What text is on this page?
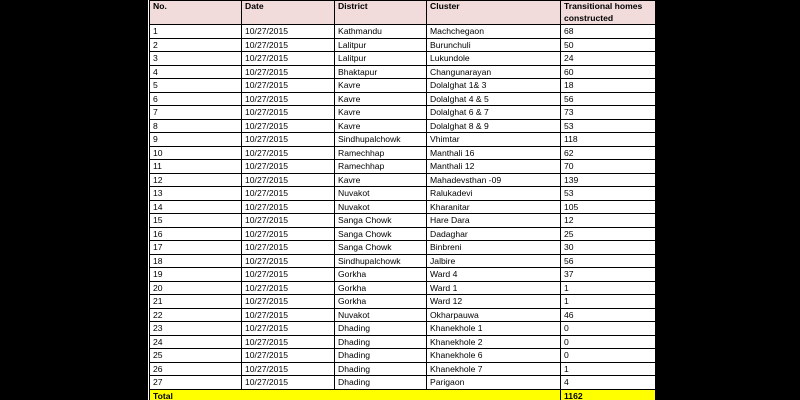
No.	Date	District	Cluster	Transitional homes constructed
1	10/27/2015	Kathmandu	Machchegaon	68
2	10/27/2015	Lalitpur	Burunchuli	50
3	10/27/2015	Lalitpur	Lukundole	24
4	10/27/2015	Bhaktapur	Changunarayan	60
5	10/27/2015	Kavre	Dolalghat 1& 3	18
6	10/27/2015	Kavre	Dolalghat 4 & 5	56
7	10/27/2015	Kavre	Dolalghat 6 & 7	73
8	10/27/2015	Kavre	Dolalghat 8 & 9	53
9	10/27/2015	Sindhupalchowk	Vhimtar	118
10	10/27/2015	Ramechhap	Manthali 16	62
11	10/27/2015	Ramechhap	Manthali 12	70
12	10/27/2015	Kavre	Mahadevsthan -09	139
13	10/27/2015	Nuvakot	Ralukadevi	53
14	10/27/2015	Nuvakot	Kharanitar	105
15	10/27/2015	Sanga Chowk	Hare Dara	12
16	10/27/2015	Sanga Chowk	Dadaghar	25
17	10/27/2015	Sanga Chowk	Binbreni	30
18	10/27/2015	Sindhupalchowk	Jalbire	56
19	10/27/2015	Gorkha	Ward 4	37
20	10/27/2015	Gorkha	Ward 1	1
21	10/27/2015	Gorkha	Ward 12	1
22	10/27/2015	Nuvakot	Okharpauwa	46
23	10/27/2015	Dhading	Khanekhole 1	0
24	10/27/2015	Dhading	Khanekhole 2	0
25	10/27/2015	Dhading	Khanekhole 6	0
26	10/27/2015	Dhading	Khanekhole 7	1
27	10/27/2015	Dhading	Parigaon	4
Total				1162
